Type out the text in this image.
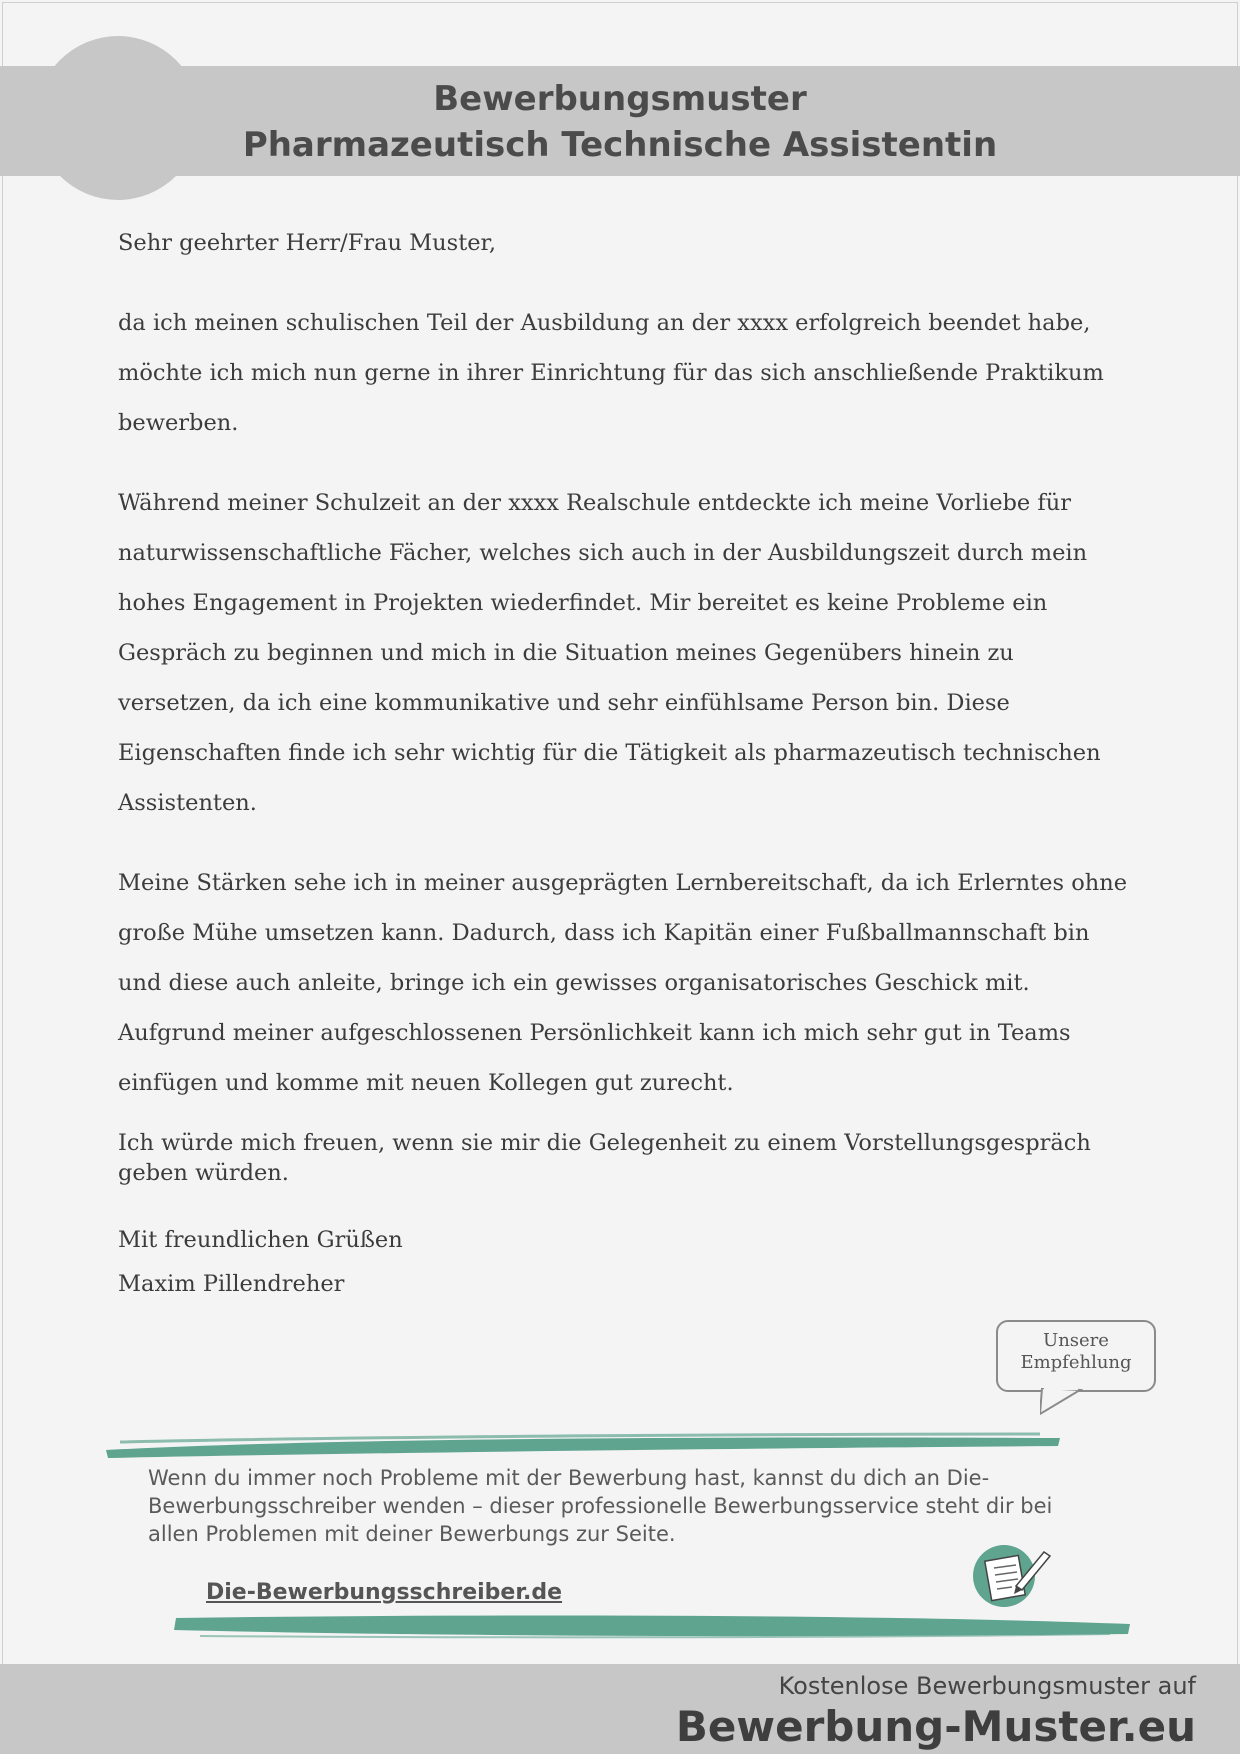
Bewerbungsmuster
Pharmazeutisch Technische Assistentin

Sehr geehrter Herr/Frau Muster,

da ich meinen schulischen Teil der Ausbildung an der xxxx erfolgreich beendet habe, möchte ich mich nun gerne in ihrer Einrichtung für das sich anschließende Praktikum bewerben.

Während meiner Schulzeit an der xxxx Realschule entdeckte ich meine Vorliebe für naturwissenschaftliche Fächer, welches sich auch in der Ausbildungszeit durch mein hohes Engagement in Projekten wiederfindet. Mir bereitet es keine Probleme ein Gespräch zu beginnen und mich in die Situation meines Gegenübers hinein zu versetzen, da ich eine kommunikative und sehr einfühlsame Person bin. Diese Eigenschaften finde ich sehr wichtig für die Tätigkeit als pharmazeutisch technischen Assistenten.

Meine Stärken sehe ich in meiner ausgeprägten Lernbereitschaft, da ich Erlerntes ohne große Mühe umsetzen kann. Dadurch, dass ich Kapitän einer Fußballmannschaft bin und diese auch anleite, bringe ich ein gewisses organisatorisches Geschick mit. Aufgrund meiner aufgeschlossenen Persönlichkeit kann ich mich sehr gut in Teams einfügen und komme mit neuen Kollegen gut zurecht.

Ich würde mich freuen, wenn sie mir die Gelegenheit zu einem Vorstellungsgespräch geben würden.

Mit freundlichen Grüßen

Maxim Pillendreher

Unsere
Empfehlung
Wenn du immer noch Probleme mit der Bewerbung hast, kannst du dich an Die-Bewerbungsschreiber wenden – dieser professionelle Bewerbungsservice steht dir bei allen Problemen mit deiner Bewerbungs zur Seite.
Die-Bewerbungsschreiber.de
Kostenlose Bewerbungsmuster auf
Bewerbung-Muster.eu
